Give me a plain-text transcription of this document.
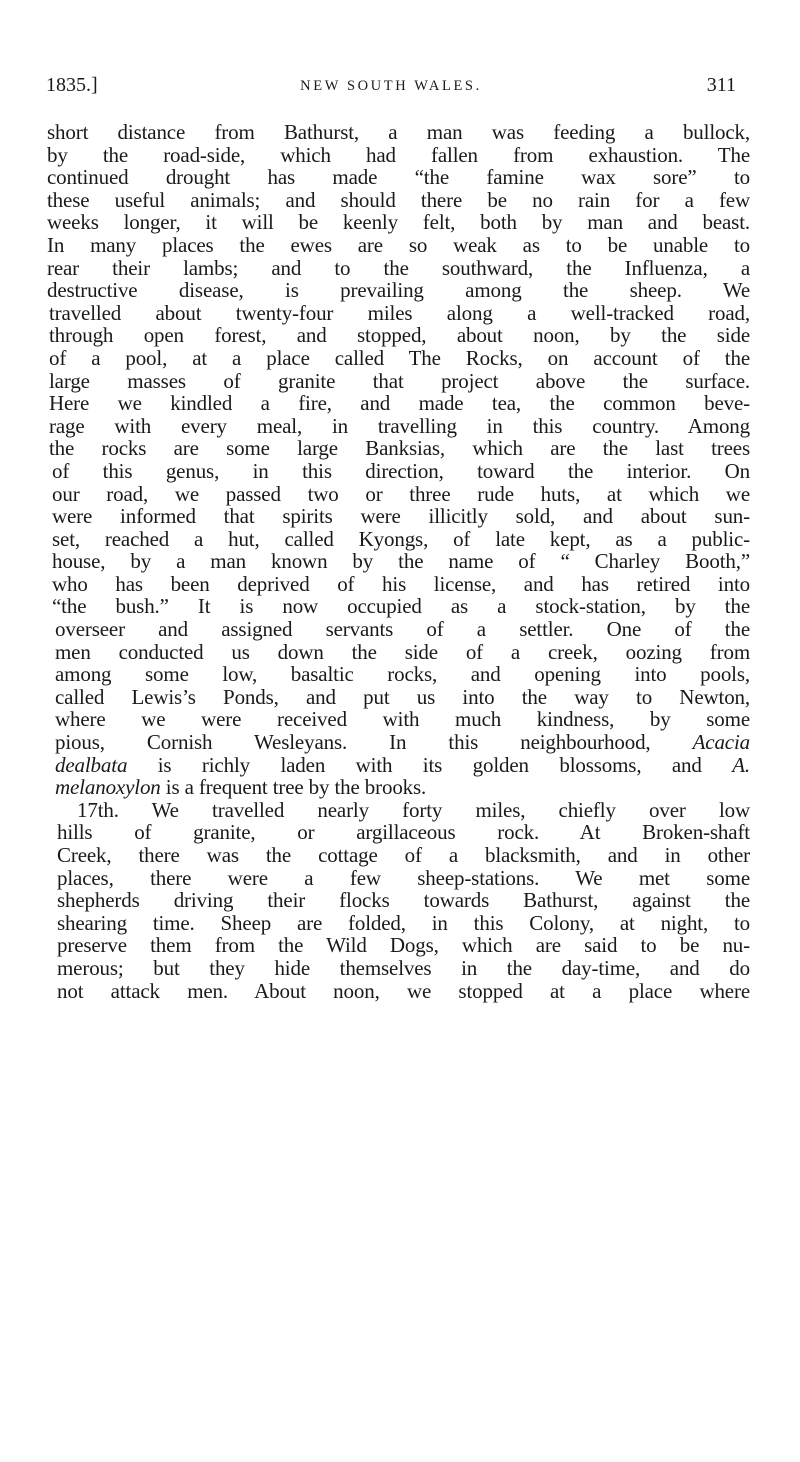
1835.]	NEW SOUTH WALES.	311
short distance from Bathurst, a man was feeding a bullock,
by the road-side, which had fallen from exhaustion. The
continued drought has made “the famine wax sore” to
these useful animals; and should there be no rain for a few
weeks longer, it will be keenly felt, both by man and beast.
In many places the ewes are so weak as to be unable to
rear their lambs; and to the southward, the Influenza, a
destructive disease, is prevailing among the sheep. We
travelled about twenty-four miles along a well-tracked road,
through open forest, and stopped, about noon, by the side
of a pool, at a place called The Rocks, on account of the
large masses of granite that project above the surface.
Here we kindled a fire, and made tea, the common beve-
rage with every meal, in travelling in this country. Among
the rocks are some large Banksias, which are the last trees
of this genus, in this direction, toward the interior. On
our road, we passed two or three rude huts, at which we
were informed that spirits were illicitly sold, and about sun-
set, reached a hut, called Kyongs, of late kept, as a public-
house, by a man known by the name of “ Charley Booth,”
who has been deprived of his license, and has retired into
“the bush.” It is now occupied as a stock-station, by the
overseer and assigned servants of a settler. One of the
men conducted us down the side of a creek, oozing from
among some low, basaltic rocks, and opening into pools,
called Lewis’s Ponds, and put us into the way to Newton,
where we were received with much kindness, by some
pious, Cornish Wesleyans. In this neighbourhood, Acacia
dealbata is richly laden with its golden blossoms, and A.
melanoxylon is a frequent tree by the brooks.
17th. We travelled nearly forty miles, chiefly over low
hills of granite, or argillaceous rock. At Broken-shaft
Creek, there was the cottage of a blacksmith, and in other
places, there were a few sheep-stations. We met some
shepherds driving their flocks towards Bathurst, against the
shearing time. Sheep are folded, in this Colony, at night, to
preserve them from the Wild Dogs, which are said to be nu-
merous; but they hide themselves in the day-time, and do
not attack men. About noon, we stopped at a place where
